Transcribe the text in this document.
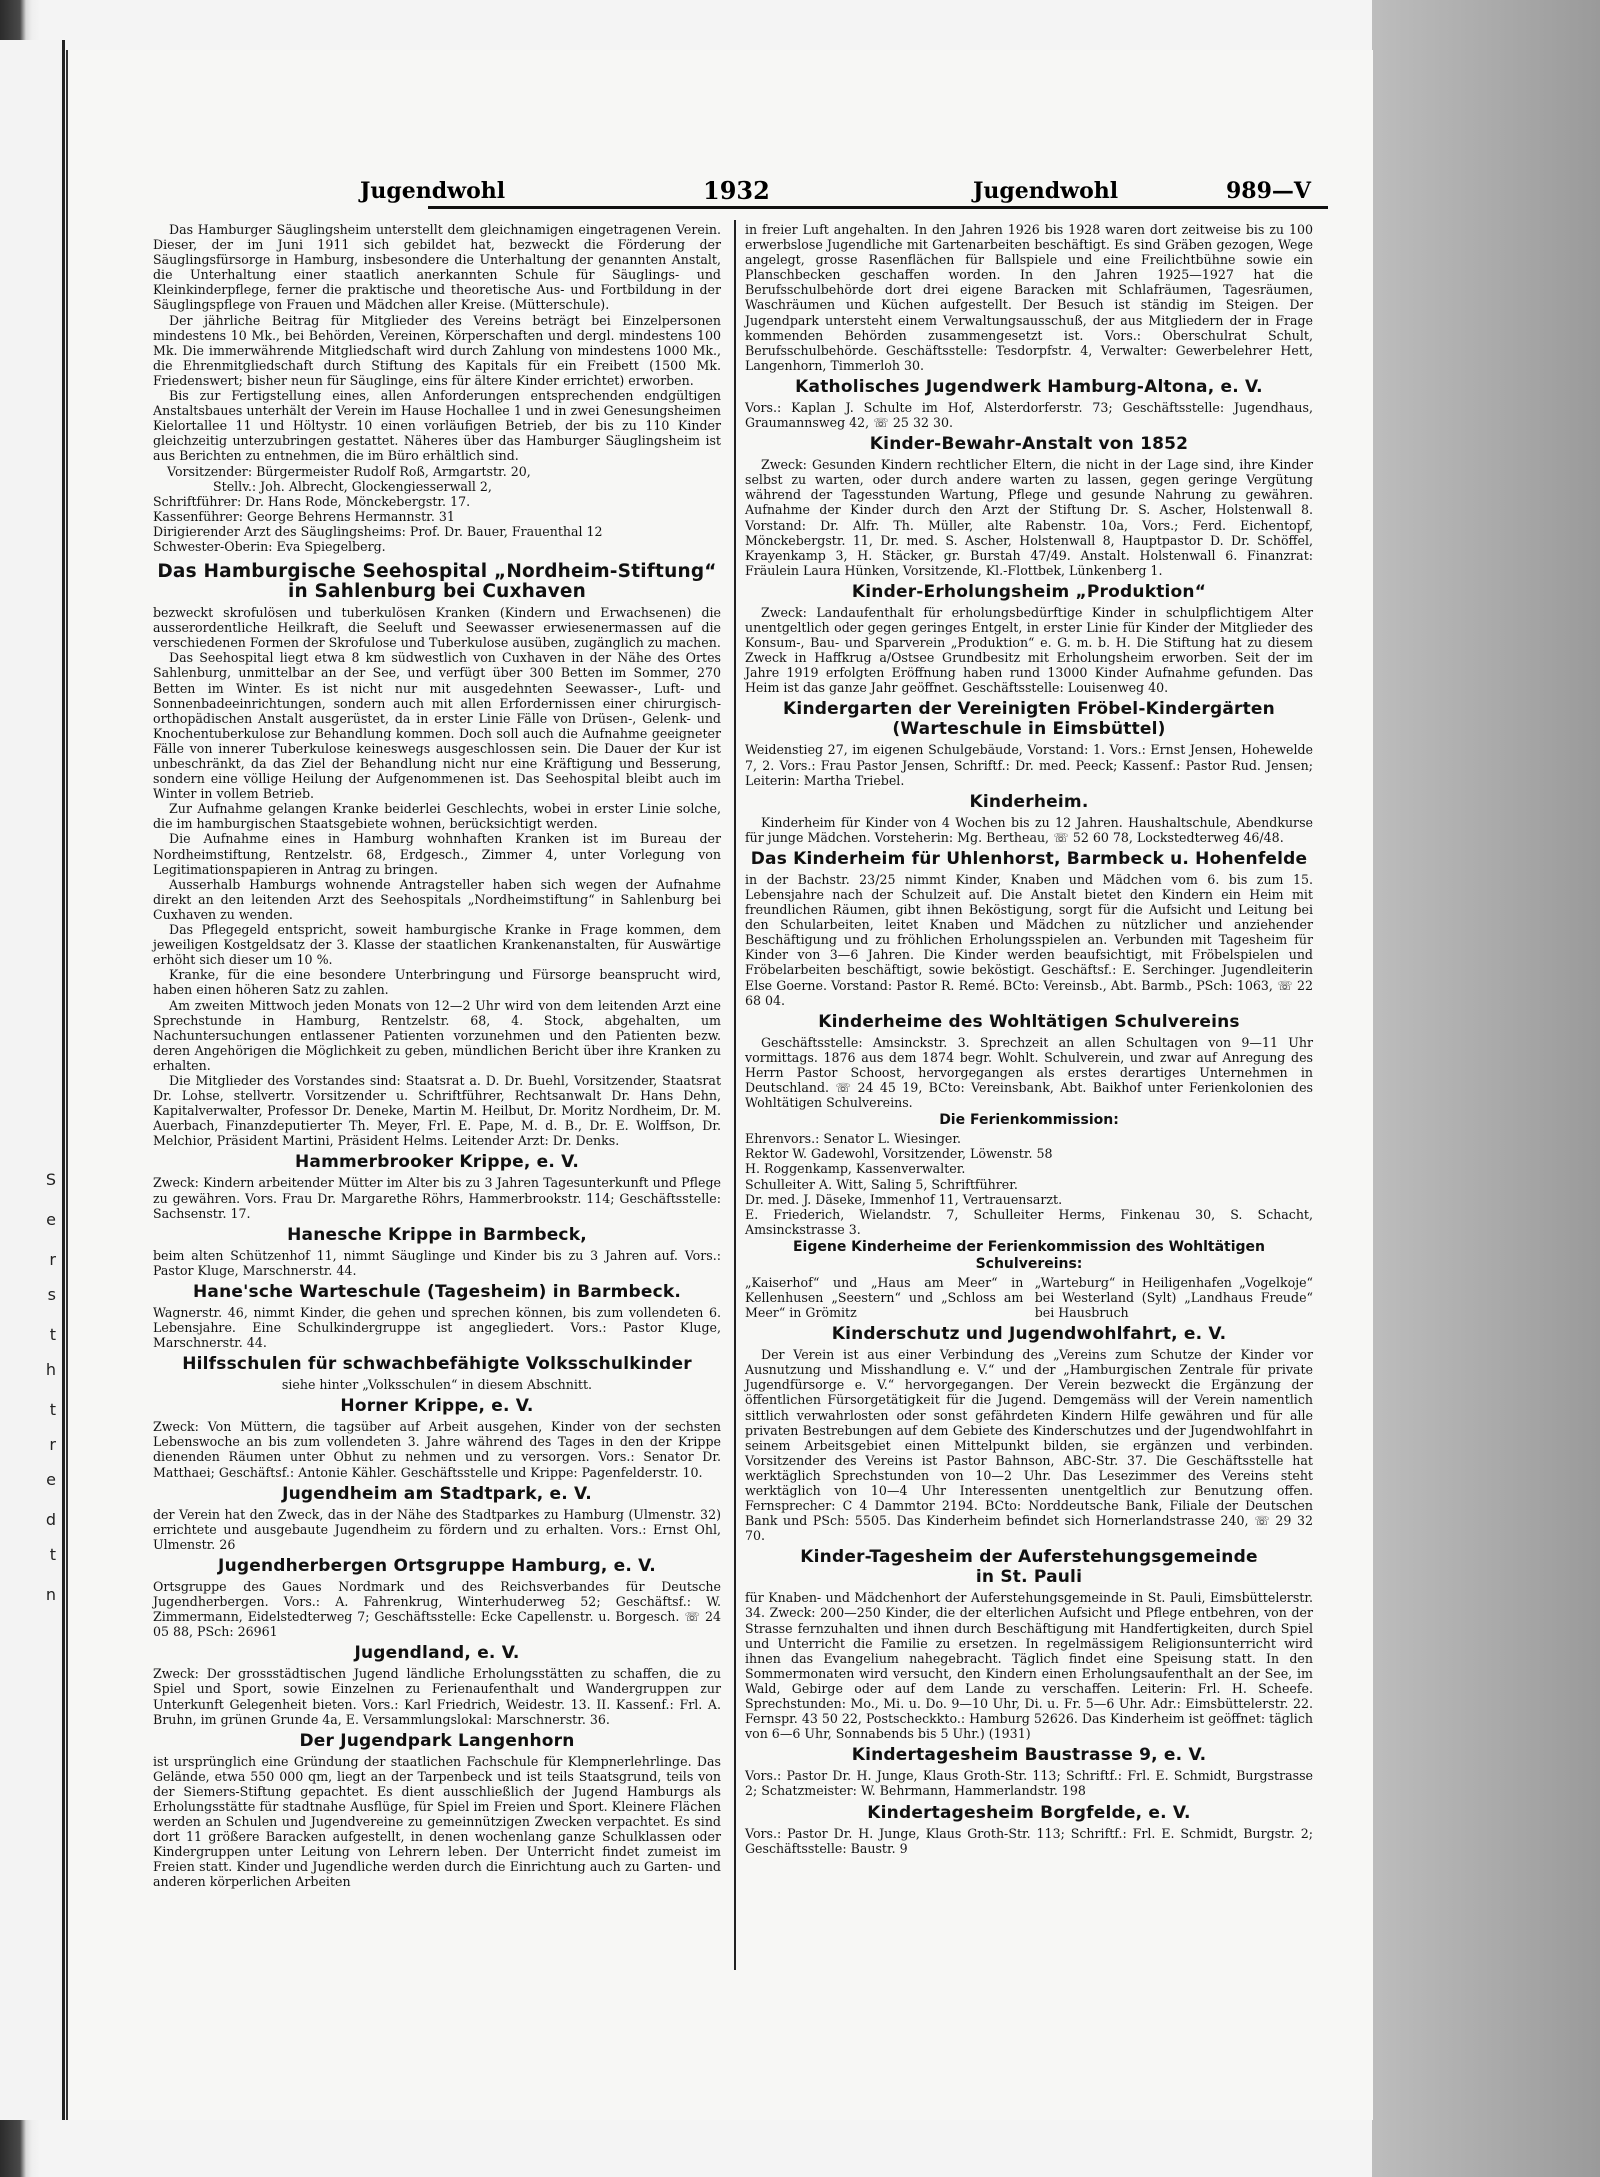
S
e
r
s
t
h
t
r
e
d
t
n
Jugendwohl	1932	Jugendwohl	989—V

Das Hamburger Säuglingsheim unterstellt dem gleichnamigen eingetragenen Verein. Dieser, der im Juni 1911 sich gebildet hat, bezweckt die Förderung der Säuglingsfürsorge in Hamburg, insbesondere die Unterhaltung der genannten Anstalt, die Unterhaltung einer staatlich anerkannten Schule für Säuglings- und Kleinkinderpflege, ferner die praktische und theoretische Aus- und Fortbildung in der Säuglingspflege von Frauen und Mädchen aller Kreise. (Mütterschule).

Der jährliche Beitrag für Mitglieder des Vereins beträgt bei Einzelpersonen mindestens 10 Mk., bei Behörden, Vereinen, Körperschaften und dergl. mindestens 100 Mk. Die immerwährende Mitgliedschaft wird durch Zahlung von mindestens 1000 Mk., die Ehrenmitgliedschaft durch Stiftung des Kapitals für ein Freibett (1500 Mk. Friedenswert; bisher neun für Säuglinge, eins für ältere Kinder errichtet) erworben.

Bis zur Fertigstellung eines, allen Anforderungen entsprechenden endgültigen Anstaltsbaues unterhält der Verein im Hause Hochallee 1 und in zwei Genesungsheimen Kielortallee 11 und Höltystr. 10 einen vorläufigen Betrieb, der bis zu 110 Kinder gleichzeitig unterzubringen gestattet. Näheres über das Hamburger Säuglingsheim ist aus Berichten zu entnehmen, die im Büro erhältlich sind.

Vorsitzender: Bürgermeister Rudolf Roß, Armgartstr. 20,

Stellv.: Joh. Albrecht, Glockengiesserwall 2,

Schriftführer: Dr. Hans Rode, Mönckebergstr. 17.

Kassenführer: George Behrens Hermannstr. 31

Dirigierender Arzt des Säuglingsheims: Prof. Dr. Bauer, Frauenthal 12

Schwester-Oberin: Eva Spiegelberg.

Das Hamburgische Seehospital „Nordheim-Stiftung“
in Sahlenburg bei Cuxhaven

bezweckt skrofulösen und tuberkulösen Kranken (Kindern und Erwachsenen) die ausserordentliche Heilkraft, die Seeluft und Seewasser erwiesenermassen auf die verschiedenen Formen der Skrofulose und Tuberkulose ausüben, zugänglich zu machen.

Das Seehospital liegt etwa 8 km südwestlich von Cuxhaven in der Nähe des Ortes Sahlenburg, unmittelbar an der See, und verfügt über 300 Betten im Sommer, 270 Betten im Winter. Es ist nicht nur mit ausgedehnten Seewasser-, Luft- und Sonnenbadeeinrichtungen, sondern auch mit allen Erfordernissen einer chirurgisch-orthopädischen Anstalt ausgerüstet, da in erster Linie Fälle von Drüsen-, Gelenk- und Knochentuberkulose zur Behandlung kommen. Doch soll auch die Aufnahme geeigneter Fälle von innerer Tuberkulose keineswegs ausgeschlossen sein. Die Dauer der Kur ist unbeschränkt, da das Ziel der Behandlung nicht nur eine Kräftigung und Besserung, sondern eine völlige Heilung der Aufgenommenen ist. Das Seehospital bleibt auch im Winter in vollem Betrieb.

Zur Aufnahme gelangen Kranke beiderlei Geschlechts, wobei in erster Linie solche, die im hamburgischen Staatsgebiete wohnen, berücksichtigt werden.

Die Aufnahme eines in Hamburg wohnhaften Kranken ist im Bureau der Nordheimstiftung, Rentzelstr. 68, Erdgesch., Zimmer 4, unter Vorlegung von Legitimationspapieren in Antrag zu bringen.

Ausserhalb Hamburgs wohnende Antragsteller haben sich wegen der Aufnahme direkt an den leitenden Arzt des Seehospitals „Nordheimstiftung“ in Sahlenburg bei Cuxhaven zu wenden.

Das Pflegegeld entspricht, soweit hamburgische Kranke in Frage kommen, dem jeweiligen Kostgeldsatz der 3. Klasse der staatlichen Krankenanstalten, für Auswärtige erhöht sich dieser um 10 %.

Kranke, für die eine besondere Unterbringung und Fürsorge beansprucht wird, haben einen höheren Satz zu zahlen.

Am zweiten Mittwoch jeden Monats von 12—2 Uhr wird von dem leitenden Arzt eine Sprechstunde in Hamburg, Rentzelstr. 68, 4. Stock, abgehalten, um Nachuntersuchungen entlassener Patienten vorzunehmen und den Patienten bezw. deren Angehörigen die Möglichkeit zu geben, mündlichen Bericht über ihre Kranken zu erhalten.

Die Mitglieder des Vorstandes sind: Staatsrat a. D. Dr. Buehl, Vorsitzender, Staatsrat Dr. Lohse, stellvertr. Vorsitzender u. Schriftführer, Rechtsanwalt Dr. Hans Dehn, Kapitalverwalter, Professor Dr. Deneke, Martin M. Heilbut, Dr. Moritz Nordheim, Dr. M. Auerbach, Finanzdeputierter Th. Meyer, Frl. E. Pape, M. d. B., Dr. E. Wolffson, Dr. Melchior, Präsident Martini, Präsident Helms. Leitender Arzt: Dr. Denks.

Hammerbrooker Krippe, e. V.

Zweck: Kindern arbeitender Mütter im Alter bis zu 3 Jahren Tagesunterkunft und Pflege zu gewähren. Vors. Frau Dr. Margarethe Röhrs, Hammerbrookstr. 114; Geschäftsstelle: Sachsenstr. 17.

Hanesche Krippe in Barmbeck,

beim alten Schützenhof 11, nimmt Säuglinge und Kinder bis zu 3 Jahren auf. Vors.: Pastor Kluge, Marschnerstr. 44.

Hane'sche Warteschule (Tagesheim) in Barmbeck.

Wagnerstr. 46, nimmt Kinder, die gehen und sprechen können, bis zum vollendeten 6. Lebensjahre. Eine Schulkindergruppe ist angegliedert. Vors.: Pastor Kluge, Marschnerstr. 44.

Hilfsschulen für schwachbefähigte Volksschulkinder

siehe hinter „Volksschulen“ in diesem Abschnitt.

Horner Krippe, e. V.

Zweck: Von Müttern, die tagsüber auf Arbeit ausgehen, Kinder von der sechsten Lebenswoche an bis zum vollendeten 3. Jahre während des Tages in den der Krippe dienenden Räumen unter Obhut zu nehmen und zu versorgen. Vors.: Senator Dr. Matthaei; Geschäftsf.: Antonie Kähler. Geschäftsstelle und Krippe: Pagenfelderstr. 10.

Jugendheim am Stadtpark, e. V.

der Verein hat den Zweck, das in der Nähe des Stadtparkes zu Hamburg (Ulmenstr. 32) errichtete und ausgebaute Jugendheim zu fördern und zu erhalten. Vors.: Ernst Ohl, Ulmenstr. 26

Jugendherbergen Ortsgruppe Hamburg, e. V.

Ortsgruppe des Gaues Nordmark und des Reichsverbandes für Deutsche Jugendherbergen. Vors.: A. Fahrenkrug, Winterhuderweg 52; Geschäftsf.: W. Zimmermann, Eidelstedterweg 7; Geschäftsstelle: Ecke Capellenstr. u. Borgesch. ☏ 24 05 88, PSch: 26961

Jugendland, e. V.

Zweck: Der grossstädtischen Jugend ländliche Erholungsstätten zu schaffen, die zu Spiel und Sport, sowie Einzelnen zu Ferienaufenthalt und Wandergruppen zur Unterkunft Gelegenheit bieten. Vors.: Karl Friedrich, Weidestr. 13. II. Kassenf.: Frl. A. Bruhn, im grünen Grunde 4a, E. Versammlungslokal: Marschnerstr. 36.

Der Jugendpark Langenhorn

ist ursprünglich eine Gründung der staatlichen Fachschule für Klempnerlehrlinge. Das Gelände, etwa 550 000 qm, liegt an der Tarpenbeck und ist teils Staatsgrund, teils von der Siemers-Stiftung gepachtet. Es dient ausschließlich der Jugend Hamburgs als Erholungsstätte für stadtnahe Ausflüge, für Spiel im Freien und Sport. Kleinere Flächen werden an Schulen und Jugendvereine zu gemeinnützigen Zwecken verpachtet. Es sind dort 11 größere Baracken aufgestellt, in denen wochenlang ganze Schulklassen oder Kindergruppen unter Leitung von Lehrern leben. Der Unterricht findet zumeist im Freien statt. Kinder und Jugendliche werden durch die Einrichtung auch zu Garten- und anderen körperlichen Arbeiten

in freier Luft angehalten. In den Jahren 1926 bis 1928 waren dort zeitweise bis zu 100 erwerbslose Jugendliche mit Gartenarbeiten beschäftigt. Es sind Gräben gezogen, Wege angelegt, grosse Rasenflächen für Ballspiele und eine Freilichtbühne sowie ein Planschbecken geschaffen worden. In den Jahren 1925—1927 hat die Berufsschulbehörde dort drei eigene Baracken mit Schlafräumen, Tagesräumen, Waschräumen und Küchen aufgestellt. Der Besuch ist ständig im Steigen. Der Jugendpark untersteht einem Verwaltungsausschuß, der aus Mitgliedern der in Frage kommenden Behörden zusammengesetzt ist. Vors.: Oberschulrat Schult, Berufsschulbehörde. Geschäftsstelle: Tesdorpfstr. 4, Verwalter: Gewerbelehrer Hett, Langenhorn, Timmerloh 30.

Katholisches Jugendwerk Hamburg-Altona, e. V.

Vors.: Kaplan J. Schulte im Hof, Alsterdorferstr. 73; Geschäftsstelle: Jugendhaus, Graumannsweg 42, ☏ 25 32 30.

Kinder-Bewahr-Anstalt von 1852

Zweck: Gesunden Kindern rechtlicher Eltern, die nicht in der Lage sind, ihre Kinder selbst zu warten, oder durch andere warten zu lassen, gegen geringe Vergütung während der Tagesstunden Wartung, Pflege und gesunde Nahrung zu gewähren. Aufnahme der Kinder durch den Arzt der Stiftung Dr. S. Ascher, Holstenwall 8. Vorstand: Dr. Alfr. Th. Müller, alte Rabenstr. 10a, Vors.; Ferd. Eichentopf, Mönckebergstr. 11, Dr. med. S. Ascher, Holstenwall 8, Hauptpastor D. Dr. Schöffel, Krayenkamp 3, H. Stäcker, gr. Burstah 47/49. Anstalt. Holstenwall 6. Finanzrat: Fräulein Laura Hünken, Vorsitzende, Kl.-Flottbek, Lünkenberg 1.

Kinder-Erholungsheim „Produktion“

Zweck: Landaufenthalt für erholungsbedürftige Kinder in schulpflichtigem Alter unentgeltlich oder gegen geringes Entgelt, in erster Linie für Kinder der Mitglieder des Konsum-, Bau- und Sparverein „Produktion“ e. G. m. b. H. Die Stiftung hat zu diesem Zweck in Haffkrug a/Ostsee Grundbesitz mit Erholungsheim erworben. Seit der im Jahre 1919 erfolgten Eröffnung haben rund 13000 Kinder Aufnahme gefunden. Das Heim ist das ganze Jahr geöffnet. Geschäftsstelle: Louisenweg 40.

Kindergarten der Vereinigten Fröbel-Kindergärten
(Warteschule in Eimsbüttel)

Weidenstieg 27, im eigenen Schulgebäude, Vorstand: 1. Vors.: Ernst Jensen, Hohewelde 7, 2. Vors.: Frau Pastor Jensen, Schriftf.: Dr. med. Peeck; Kassenf.: Pastor Rud. Jensen; Leiterin: Martha Triebel.

Kinderheim.

Kinderheim für Kinder von 4 Wochen bis zu 12 Jahren. Haushaltschule, Abendkurse für junge Mädchen. Vorsteherin: Mg. Bertheau, ☏ 52 60 78, Lockstedterweg 46/48.

Das Kinderheim für Uhlenhorst, Barmbeck u. Hohenfelde

in der Bachstr. 23/25 nimmt Kinder, Knaben und Mädchen vom 6. bis zum 15. Lebensjahre nach der Schulzeit auf. Die Anstalt bietet den Kindern ein Heim mit freundlichen Räumen, gibt ihnen Beköstigung, sorgt für die Aufsicht und Leitung bei den Schularbeiten, leitet Knaben und Mädchen zu nützlicher und anziehender Beschäftigung und zu fröhlichen Erholungsspielen an. Verbunden mit Tagesheim für Kinder von 3—6 Jahren. Die Kinder werden beaufsichtigt, mit Fröbelspielen und Fröbelarbeiten beschäftigt, sowie beköstigt. Geschäftsf.: E. Serchinger. Jugendleiterin Else Goerne. Vorstand: Pastor R. Remé. BCto: Vereinsb., Abt. Barmb., PSch: 1063, ☏ 22 68 04.

Kinderheime des Wohltätigen Schulvereins

Geschäftsstelle: Amsinckstr. 3. Sprechzeit an allen Schultagen von 9—11 Uhr vormittags. 1876 aus dem 1874 begr. Wohlt. Schulverein, und zwar auf Anregung des Herrn Pastor Schoost, hervorgegangen als erstes derartiges Unternehmen in Deutschland. ☏ 24 45 19, BCto: Vereinsbank, Abt. Baikhof unter Ferienkolonien des Wohltätigen Schulvereins.

Die Ferienkommission:

Ehrenvors.: Senator L. Wiesinger.

Rektor W. Gadewohl, Vorsitzender, Löwenstr. 58

H. Roggenkamp, Kassenverwalter.

Schulleiter A. Witt, Saling 5, Schriftführer.

Dr. med. J. Däseke, Immenhof 11, Vertrauensarzt.

E. Friederich, Wielandstr. 7, Schulleiter Herms, Finkenau 30, S. Schacht, Amsinckstrasse 3.

Eigene Kinderheime der Ferienkommission des Wohltätigen Schulvereins:
„Kaiserhof“ und „Haus am Meer“ in Kellenhusen „Seestern“ und „Schloss am Meer“ in Grömitz
„Warteburg“ in Heiligenhafen „Vogelkoje“ bei Westerland (Sylt) „Landhaus Freude“ bei Hausbruch
Kinderschutz und Jugendwohlfahrt, e. V.

Der Verein ist aus einer Verbindung des „Vereins zum Schutze der Kinder vor Ausnutzung und Misshandlung e. V.“ und der „Hamburgischen Zentrale für private Jugendfürsorge e. V.“ hervorgegangen. Der Verein bezweckt die Ergänzung der öffentlichen Fürsorgetätigkeit für die Jugend. Demgemäss will der Verein namentlich sittlich verwahrlosten oder sonst gefährdeten Kindern Hilfe gewähren und für alle privaten Bestrebungen auf dem Gebiete des Kinderschutzes und der Jugendwohlfahrt in seinem Arbeitsgebiet einen Mittelpunkt bilden, sie ergänzen und verbinden. Vorsitzender des Vereins ist Pastor Bahnson, ABC-Str. 37. Die Geschäftsstelle hat werktäglich Sprechstunden von 10—2 Uhr. Das Lesezimmer des Vereins steht werktäglich von 10—4 Uhr Interessenten unentgeltlich zur Benutzung offen. Fernsprecher: C 4 Dammtor 2194. BCto: Norddeutsche Bank, Filiale der Deutschen Bank und PSch: 5505. Das Kinderheim befindet sich Hornerlandstrasse 240, ☏ 29 32 70.

Kinder-Tagesheim der Auferstehungsgemeinde
in St. Pauli

für Knaben- und Mädchenhort der Auferstehungsgemeinde in St. Pauli, Eimsbüttelerstr. 34. Zweck: 200—250 Kinder, die der elterlichen Aufsicht und Pflege entbehren, von der Strasse fernzuhalten und ihnen durch Beschäftigung mit Handfertigkeiten, durch Spiel und Unterricht die Familie zu ersetzen. In regelmässigem Religionsunterricht wird ihnen das Evangelium nahegebracht. Täglich findet eine Speisung statt. In den Sommermonaten wird versucht, den Kindern einen Erholungsaufenthalt an der See, im Wald, Gebirge oder auf dem Lande zu verschaffen. Leiterin: Frl. H. Scheefe. Sprechstunden: Mo., Mi. u. Do. 9—10 Uhr, Di. u. Fr. 5—6 Uhr. Adr.: Eimsbüttelerstr. 22. Fernspr. 43 50 22, Postscheckkto.: Hamburg 52626. Das Kinderheim ist geöffnet: täglich von 6—6 Uhr, Sonnabends bis 5 Uhr.) (1931)

Kindertagesheim Baustrasse 9, e. V.

Vors.: Pastor Dr. H. Junge, Klaus Groth-Str. 113; Schriftf.: Frl. E. Schmidt, Burgstrasse 2; Schatzmeister: W. Behrmann, Hammerlandstr. 198

Kindertagesheim Borgfelde, e. V.

Vors.: Pastor Dr. H. Junge, Klaus Groth-Str. 113; Schriftf.: Frl. E. Schmidt, Burgstr. 2; Geschäftsstelle: Baustr. 9
